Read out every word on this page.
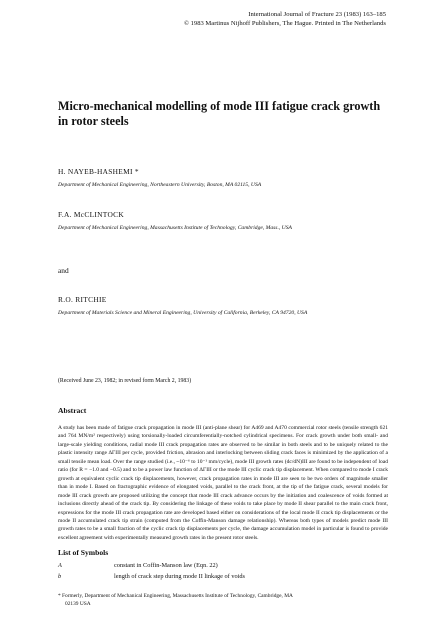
International Journal of Fracture 23 (1983) 163–185
© 1983 Martinus Nijhoff Publishers, The Hague. Printed in The Netherlands
Micro-mechanical modelling of mode III fatigue crack growth in rotor steels
H. NAYEB-HASHEMI *
Department of Mechanical Engineering, Northeastern University, Boston, MA 02115, USA
F.A. McCLINTOCK
Department of Mechanical Engineering, Massachusetts Institute of Technology, Cambridge, Mass., USA
and
R.O. RITCHIE
Department of Materials Science and Mineral Engineering, University of California, Berkeley, CA 94720, USA
(Received June 23, 1982; in revised form March 2, 1983)
Abstract
A study has been made of fatigue crack propagation in mode III (anti-plane shear) for A469 and A470 commercial rotor steels (tensile strength 621 and 764 MN/m² respectively) using torsionally-loaded circumferentially-notched cylindrical specimens. For crack growth under both small- and large-scale yielding conditions, radial mode III crack propagation rates are observed to be similar in both steels and to be uniquely related to the plastic intensity range ΔΓIII per cycle, provided friction, abrasion and interlocking between sliding crack faces is minimized by the application of a small tensile mean load. Over the range studied (i.e., ~10⁻⁶ to 10⁻¹ mm/cycle), mode III growth rates (dc/dN)III are found to be independent of load ratio (for R = −1.0 and −0.5) and to be a power law function of ΔΓIII or the mode III cyclic crack tip displacement. When compared to mode I crack growth at equivalent cyclic crack tip displacements, however, crack propagation rates in mode III are seen to be two orders of magnitude smaller than in mode I. Based on fractographic evidence of elongated voids, parallel to the crack front, at the tip of the fatigue crack, several models for mode III crack growth are proposed utilizing the concept that mode III crack advance occurs by the initiation and coalescence of voids formed at inclusions directly ahead of the crack tip. By considering the linkage of these voids to take place by mode II shear parallel to the main crack front, expressions for the mode III crack propagation rate are developed based either on considerations of the local mode II crack tip displacements or the mode II accumulated crack tip strain (computed from the Coffin-Manson damage relationship). Whereas both types of models predict mode III growth rates to be a small fraction of the cyclic crack tip displacements per cycle, the damage accumulation model in particular is found to provide excellent agreement with experimentally measured growth rates in the present rotor steels.
List of Symbols
A	constant in Coffin-Manson law (Eqn. 22)
b	length of crack step during mode II linkage of voids
* Formerly, Department of Mechanical Engineering, Massachusetts Institute of Technology, Cambridge, MA
02139 USA
